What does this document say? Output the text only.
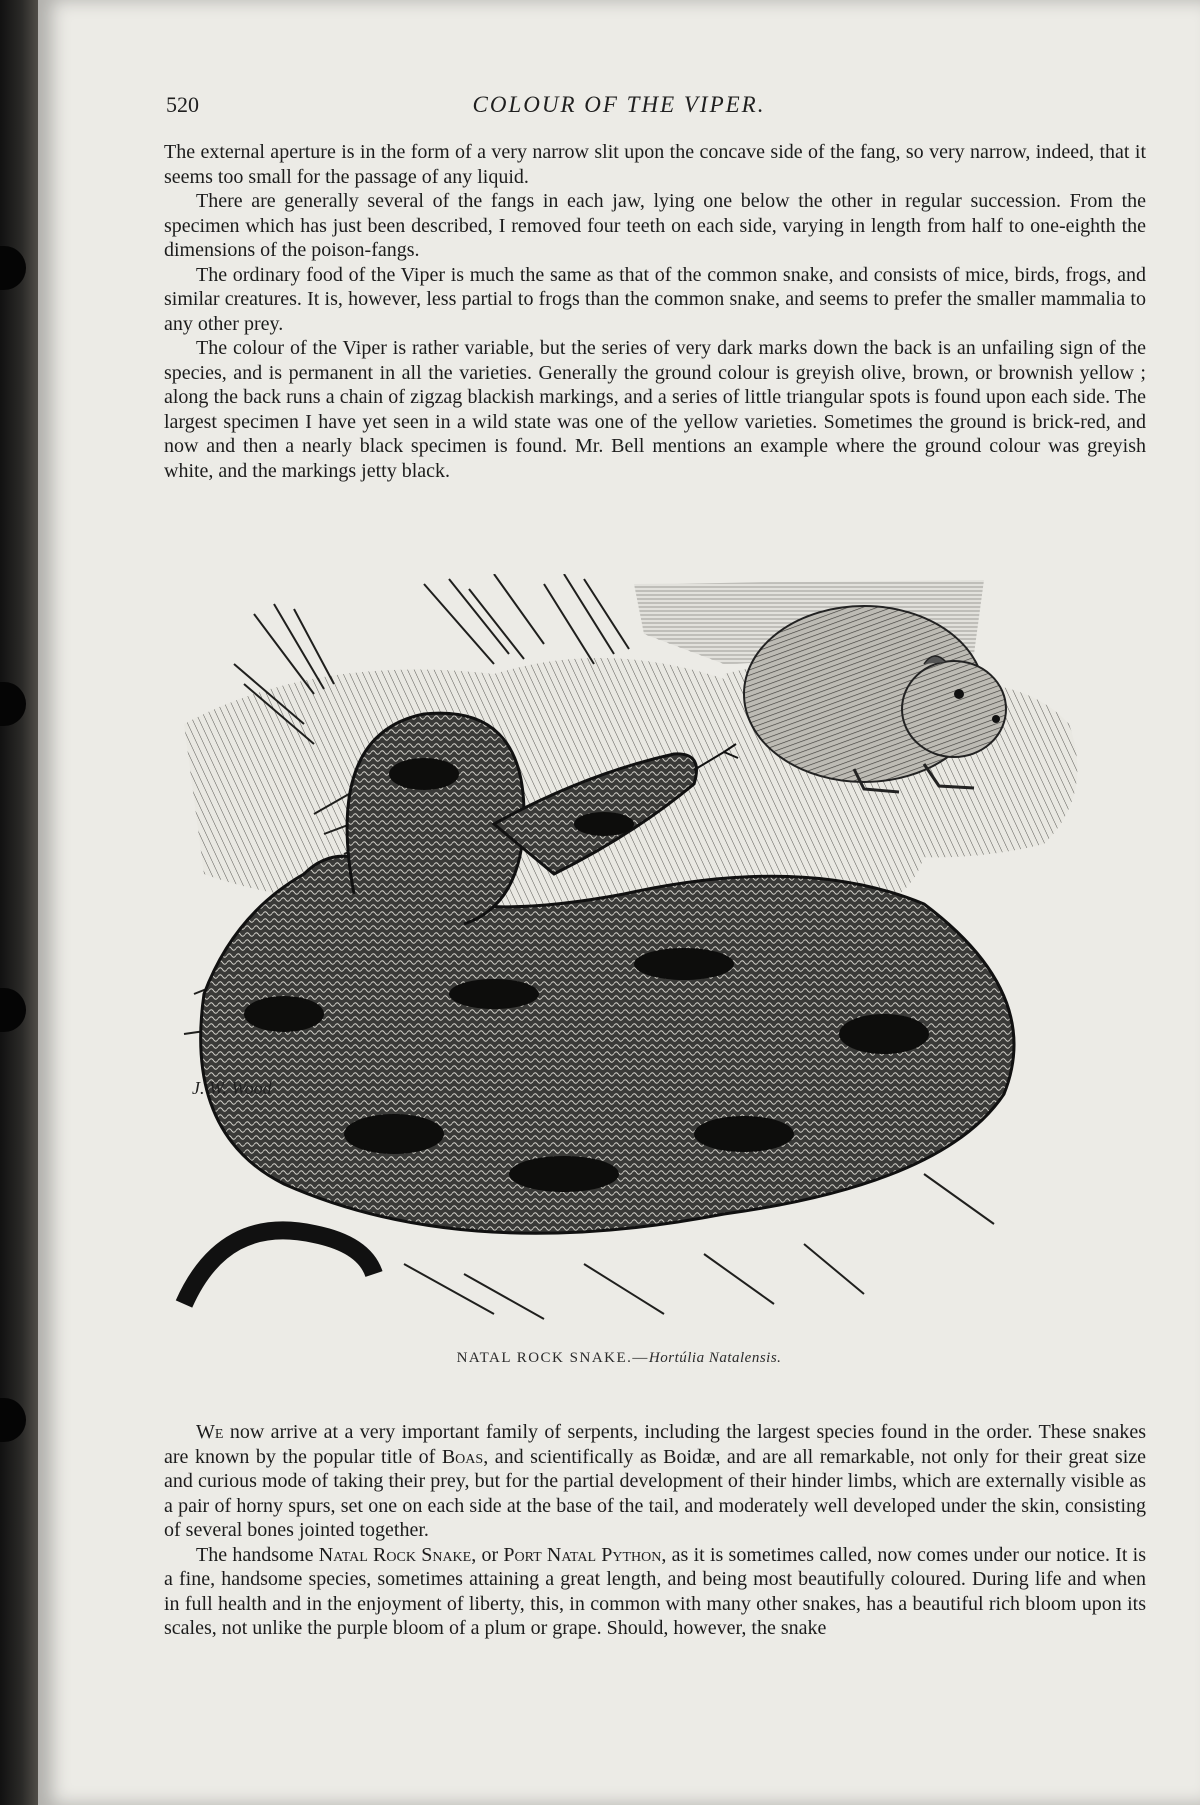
520	COLOUR OF THE VIPER.

The external aperture is in the form of a very narrow slit upon the concave side of the fang, so very narrow, indeed, that it seems too small for the passage of any liquid.

There are generally several of the fangs in each jaw, lying one below the other in regular succession. From the specimen which has just been described, I removed four teeth on each side, varying in length from half to one-eighth the dimensions of the poison-fangs.

The ordinary food of the Viper is much the same as that of the common snake, and consists of mice, birds, frogs, and similar creatures. It is, however, less partial to frogs than the common snake, and seems to prefer the smaller mammalia to any other prey.

The colour of the Viper is rather variable, but the series of very dark marks down the back is an unfailing sign of the species, and is permanent in all the varieties. Generally the ground colour is greyish olive, brown, or brownish yellow ; along the back runs a chain of zigzag blackish markings, and a series of little triangular spots is found upon each side. The largest specimen I have yet seen in a wild state was one of the yellow varieties. Sometimes the ground is brick-red, and now and then a nearly black specimen is found. Mr. Bell mentions an example where the ground colour was greyish white, and the markings jetty black.

J. W. Wood
NATAL ROCK SNAKE.—Hortúlia Natalensis.

We now arrive at a very important family of serpents, including the largest species found in the order. These snakes are known by the popular title of Boas, and scientifically as Boidæ, and are all remarkable, not only for their great size and curious mode of taking their prey, but for the partial development of their hinder limbs, which are externally visible as a pair of horny spurs, set one on each side at the base of the tail, and moderately well developed under the skin, consisting of several bones jointed together.

The handsome Natal Rock Snake, or Port Natal Python, as it is sometimes called, now comes under our notice. It is a fine, handsome species, sometimes attaining a great length, and being most beautifully coloured. During life and when in full health and in the enjoyment of liberty, this, in common with many other snakes, has a beautiful rich bloom upon its scales, not unlike the purple bloom of a plum or grape. Should, however, the snake
